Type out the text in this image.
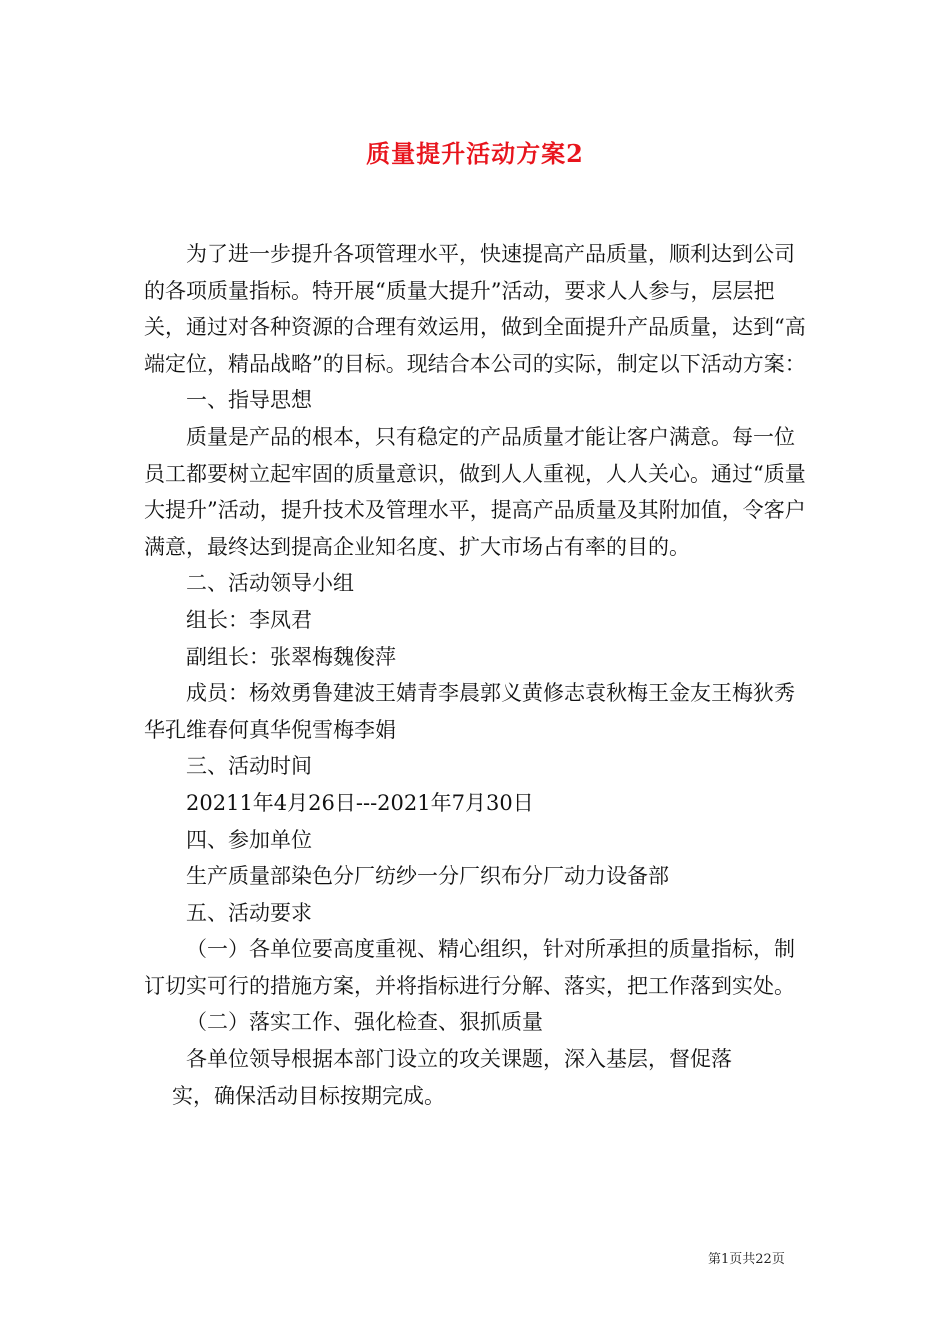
质量提升活动方案2

为了进一步提升各项管理水平，快速提高产品质量，顺利达到公司的各项质量指标。特开展“质量大提升”活动，要求人人参与，层层把关，通过对各种资源的合理有效运用，做到全面提升产品质量，达到“高端定位，精品战略”的目标。现结合本公司的实际，制定以下活动方案：

一、指导思想

质量是产品的根本，只有稳定的产品质量才能让客户满意。每一位员工都要树立起牢固的质量意识，做到人人重视，人人关心。通过“质量大提升”活动，提升技术及管理水平，提高产品质量及其附加值，令客户满意，最终达到提高企业知名度、扩大市场占有率的目的。

二、活动领导小组

组长：李凤君

副组长：张翠梅魏俊萍

成员：杨效勇鲁建波王婧青李晨郭义黄修志袁秋梅王金友王梅狄秀华孔维春何真华倪雪梅李娟

三、活动时间

20211年4月26日---2021年7月30日

四、参加单位

生产质量部染色分厂纺纱一分厂织布分厂动力设备部

五、活动要求

（一）各单位要高度重视、精心组织，针对所承担的质量指标，制订切实可行的措施方案，并将指标进行分解、落实，把工作落到实处。

（二）落实工作、强化检查、狠抓质量

各单位领导根据本部门设立的攻关课题，深入基层，督促落

实，确保活动目标按期完成。

第1页共22页
